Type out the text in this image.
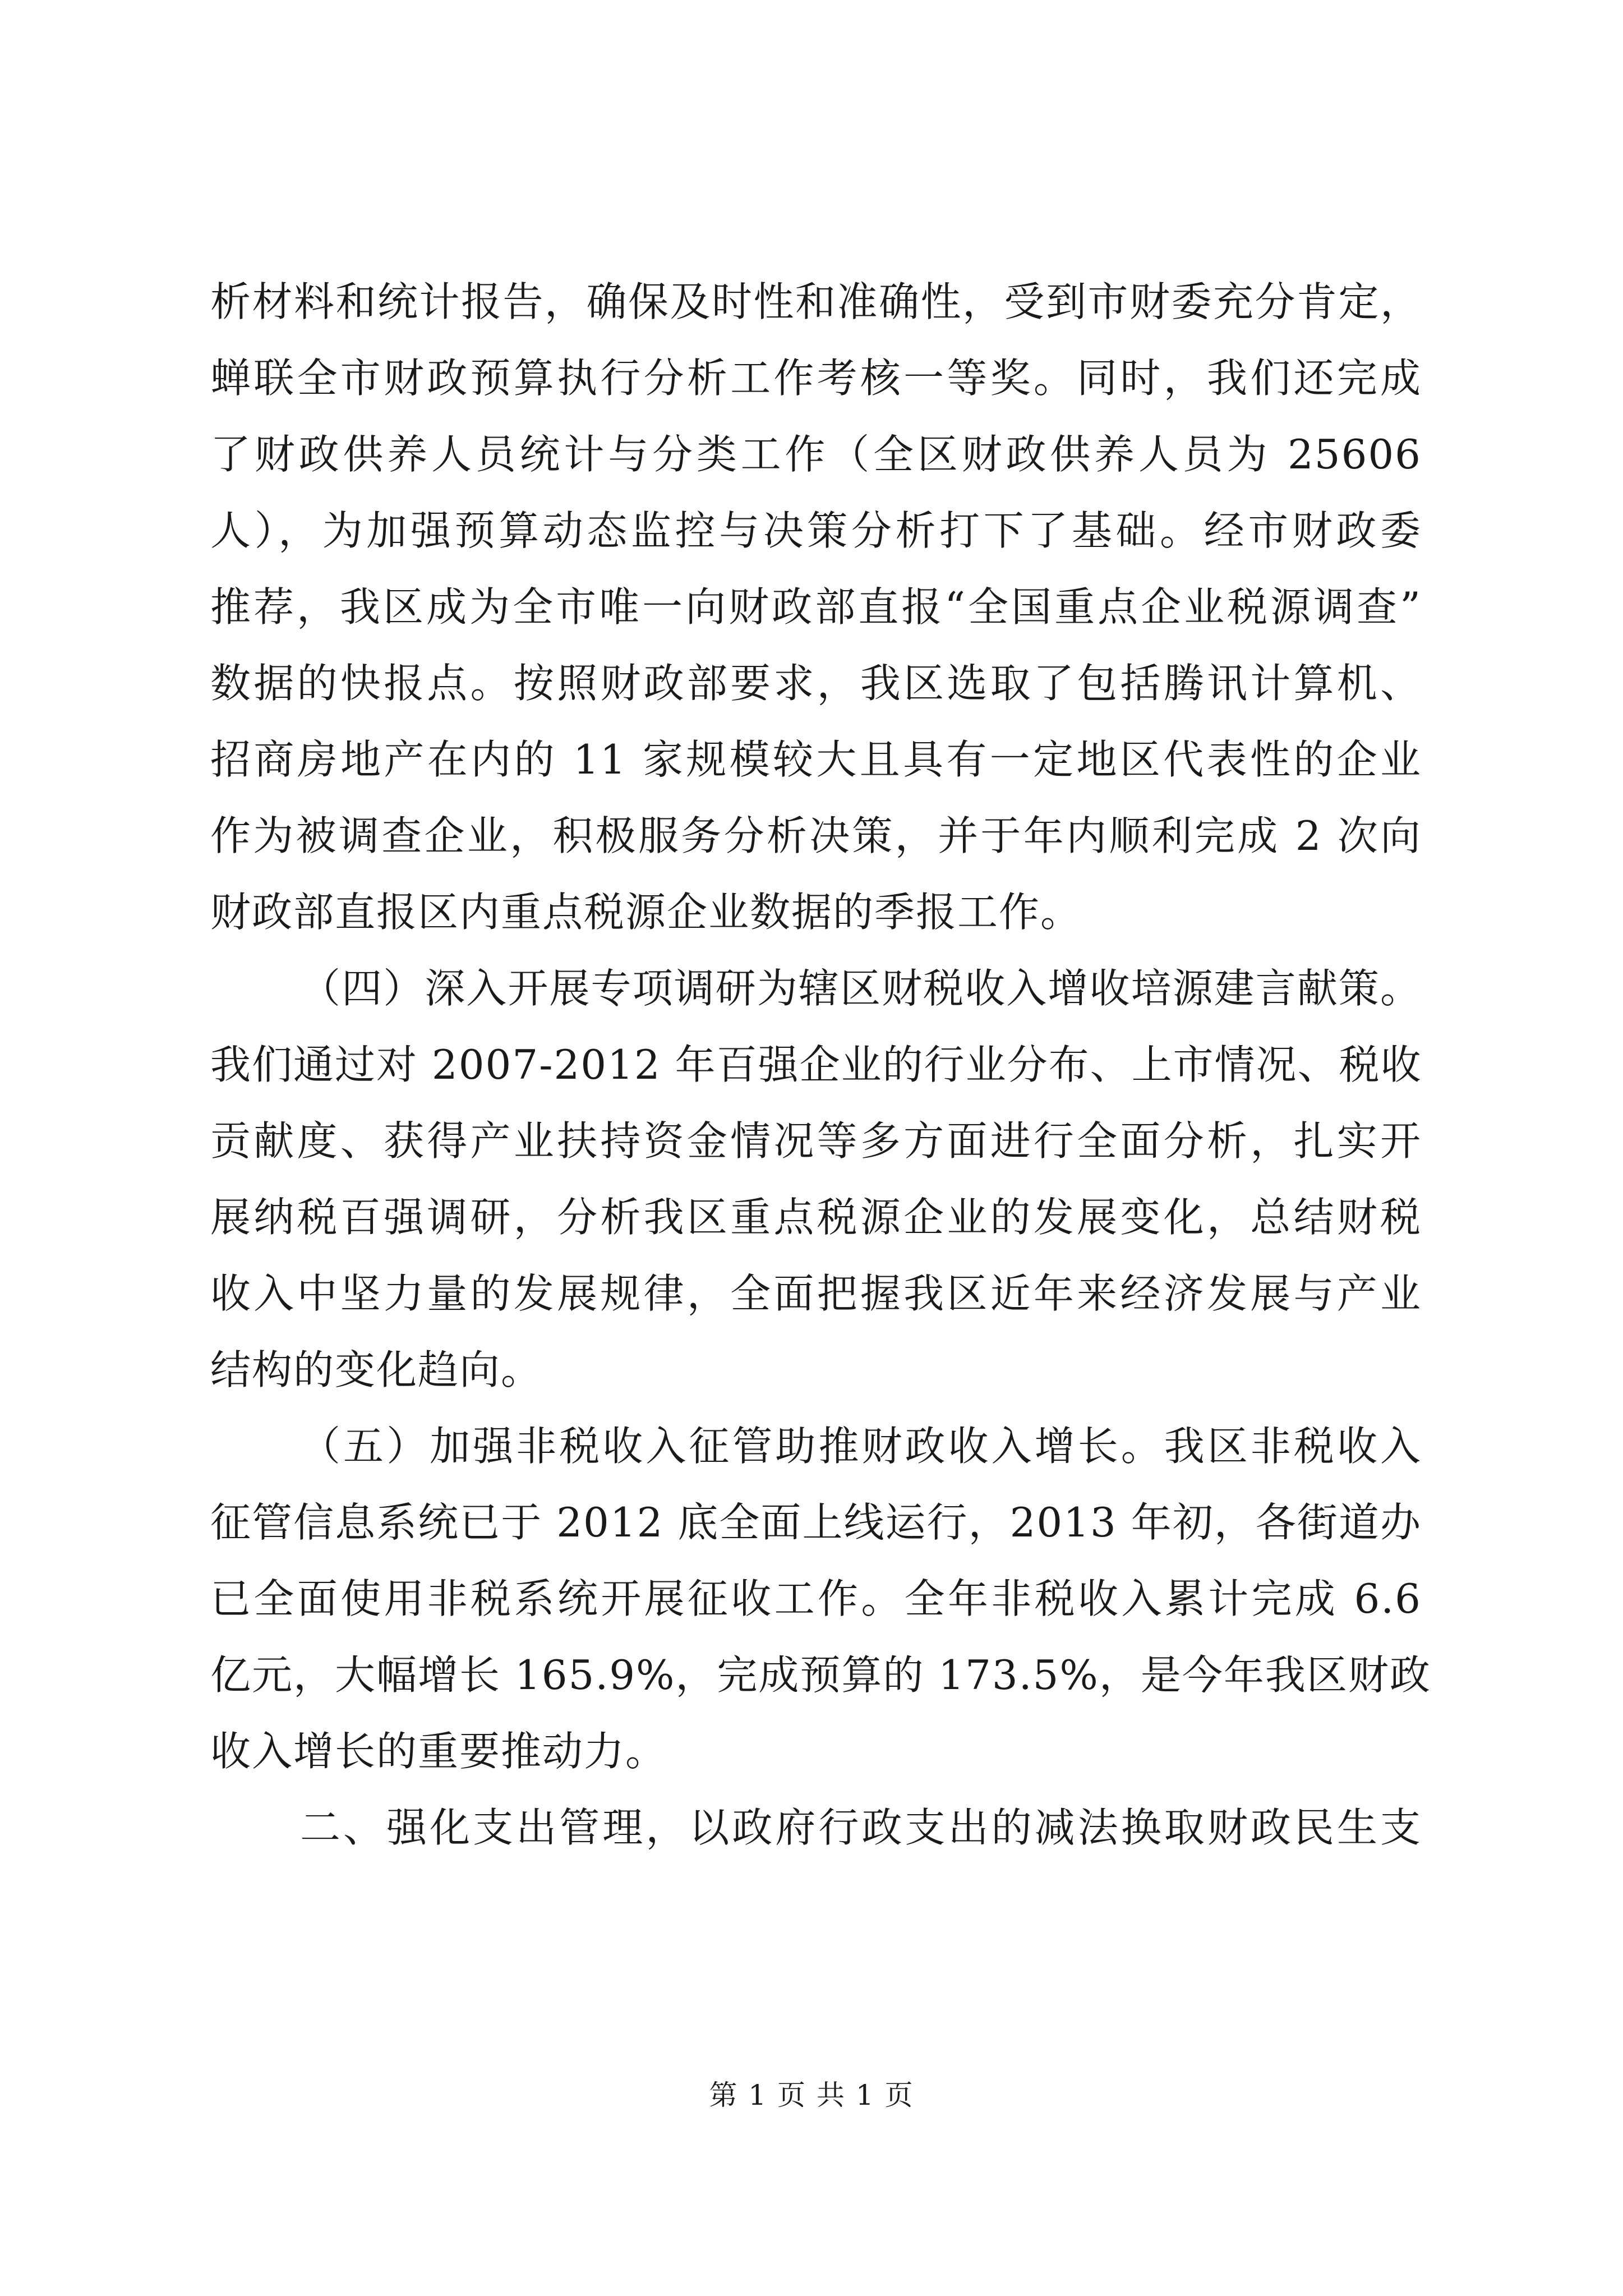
析材料和统计报告，确保及时性和准确性，受到市财委充分肯定，
蝉联全市财政预算执行分析工作考核一等奖。同时，我们还完成
了财政供养人员统计与分类工作（全区财政供养人员为 25606
人），为加强预算动态监控与决策分析打下了基础。经市财政委
推荐，我区成为全市唯一向财政部直报“全国重点企业税源调查”
数据的快报点。按照财政部要求，我区选取了包括腾讯计算机、
招商房地产在内的 11 家规模较大且具有一定地区代表性的企业
作为被调查企业，积极服务分析决策，并于年内顺利完成 2 次向
财政部直报区内重点税源企业数据的季报工作。
（四）深入开展专项调研为辖区财税收入增收培源建言献策。
我们通过对 2007-2012 年百强企业的行业分布、上市情况、税收
贡献度、获得产业扶持资金情况等多方面进行全面分析，扎实开
展纳税百强调研，分析我区重点税源企业的发展变化，总结财税
收入中坚力量的发展规律，全面把握我区近年来经济发展与产业
结构的变化趋向。
（五）加强非税收入征管助推财政收入增长。我区非税收入
征管信息系统已于 2012 底全面上线运行，2013 年初，各街道办
已全面使用非税系统开展征收工作。全年非税收入累计完成 6.6
亿元，大幅增长 165.9%，完成预算的 173.5%，是今年我区财政
收入增长的重要推动力。
二、强化支出管理，以政府行政支出的减法换取财政民生支
第 1 页 共 1 页
